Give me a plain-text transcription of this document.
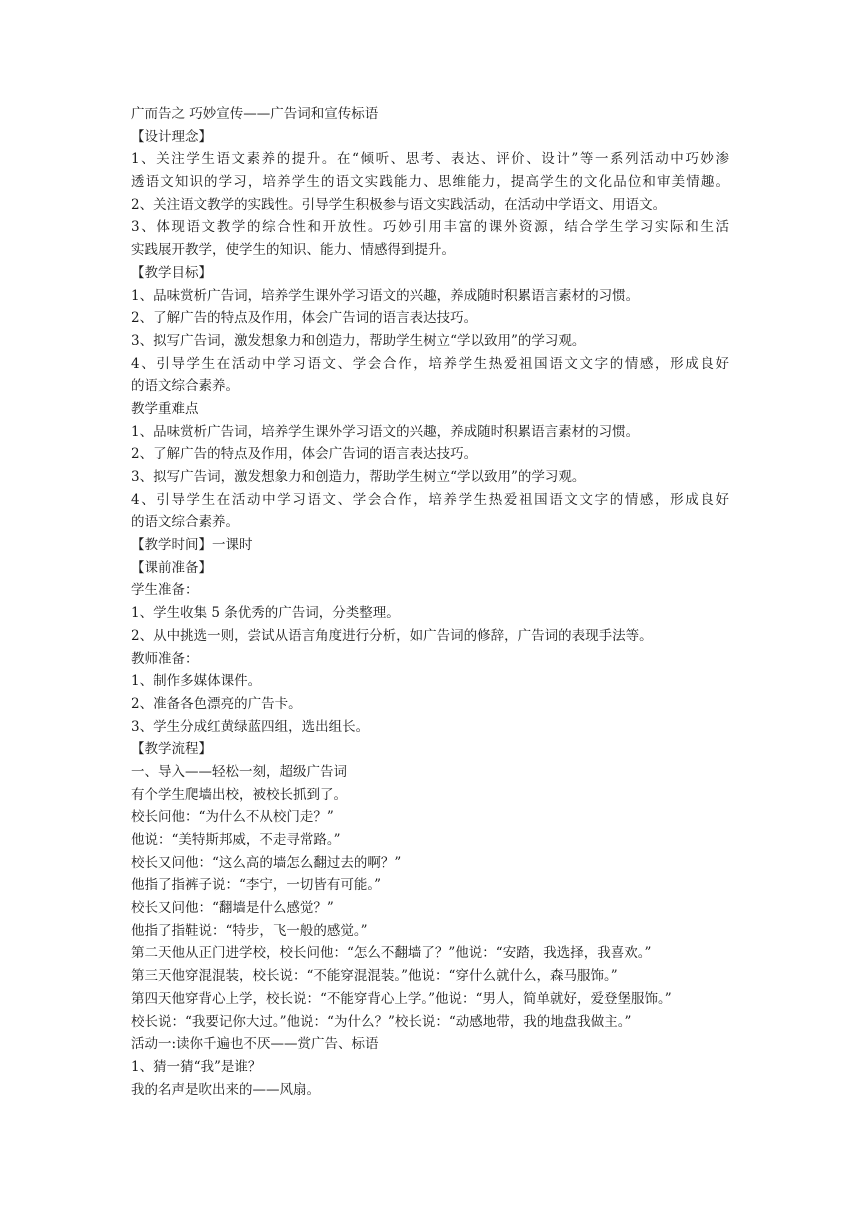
广而告之 巧妙宣传——广告词和宣传标语
【设计理念】
1、关注学生语文素养的提升。在“倾听、思考、表达、评价、设计”等一系列活动中巧妙渗
透语文知识的学习，培养学生的语文实践能力、思维能力，提高学生的文化品位和审美情趣。
2、关注语文教学的实践性。引导学生积极参与语文实践活动，在活动中学语文、用语文。
3、体现语文教学的综合性和开放性。巧妙引用丰富的课外资源，结合学生学习实际和生活
实践展开教学，使学生的知识、能力、情感得到提升。
【教学目标】
1、品味赏析广告词，培养学生课外学习语文的兴趣，养成随时积累语言素材的习惯。
2、了解广告的特点及作用，体会广告词的语言表达技巧。
3、拟写广告词，激发想象力和创造力，帮助学生树立“学以致用”的学习观。
4、引导学生在活动中学习语文、学会合作，培养学生热爱祖国语文文字的情感，形成良好
的语文综合素养。
教学重难点
1、品味赏析广告词，培养学生课外学习语文的兴趣，养成随时积累语言素材的习惯。
2、了解广告的特点及作用，体会广告词的语言表达技巧。
3、拟写广告词，激发想象力和创造力，帮助学生树立“学以致用”的学习观。
4、引导学生在活动中学习语文、学会合作，培养学生热爱祖国语文文字的情感，形成良好
的语文综合素养。
【教学时间】一课时
【课前准备】
学生准备：
1、学生收集 5 条优秀的广告词，分类整理。
2、从中挑选一则，尝试从语言角度进行分析，如广告词的修辞，广告词的表现手法等。
教师准备：
1、制作多媒体课件。
2、准备各色漂亮的广告卡。
3、学生分成红黄绿蓝四组，选出组长。
【教学流程】
一、导入——轻松一刻，超级广告词
有个学生爬墙出校，被校长抓到了。
校长问他：“为什么不从校门走？”
他说：“美特斯邦威，不走寻常路。”
校长又问他：“这么高的墙怎么翻过去的啊？”
他指了指裤子说：“李宁，一切皆有可能。”
校长又问他：“翻墙是什么感觉？”
他指了指鞋说：“特步，飞一般的感觉。”
第二天他从正门进学校，校长问他：“怎么不翻墙了？”他说：“安踏，我选择，我喜欢。”
第三天他穿混混装，校长说：“不能穿混混装。”他说：“穿什么就什么，森马服饰。”
第四天他穿背心上学，校长说：“不能穿背心上学。”他说：“男人，简单就好，爱登堡服饰。”
校长说：“我要记你大过。”他说：“为什么？”校长说：“动感地带，我的地盘我做主。”
活动一:读你千遍也不厌——赏广告、标语
1、猜一猜“我”是谁？
我的名声是吹出来的——风扇。
